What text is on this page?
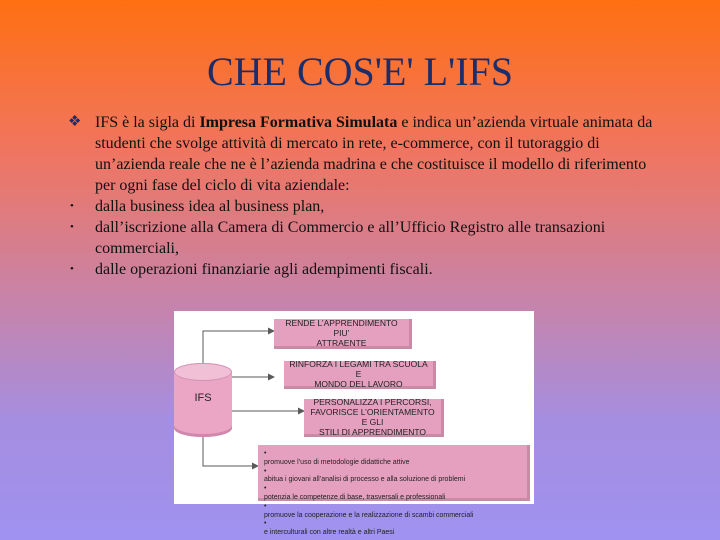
CHE COS'E' L'IFS
❖ IFS è la sigla di Impresa Formativa Simulata e indica un’azienda virtuale animata da studenti che svolge attività di mercato in rete, e-commerce, con il tutoraggio di un’azienda reale che ne è l’azienda madrina e che costituisce il modello di riferimento per ogni fase del ciclo di vita aziendale:
• dalla business idea al business plan,
• dall’iscrizione alla Camera di Commercio e all’Ufficio Registro alle transazioni commerciali,
• dalle operazioni finanziarie agli adempimenti fiscali.
IFS
RENDE L’APPRENDIMENTO PIU’
ATTRAENTE
RINFORZA I LEGAMI TRA SCUOLA E
MONDO DEL LAVORO
PERSONALIZZA I PERCORSI,
FAVORISCE L’ORIENTAMENTO E GLI
STILI DI APPRENDIMENTO
•
promuove l’uso di metodologie didattiche attive
•
abitua i giovani all’analisi di processo e alla soluzione di problemi
•
potenzia le competenze di base, trasversali e professionali
•
promuove la cooperazione e la realizzazione di scambi commerciali
•
e interculturali con altre realtà e altri Paesi
